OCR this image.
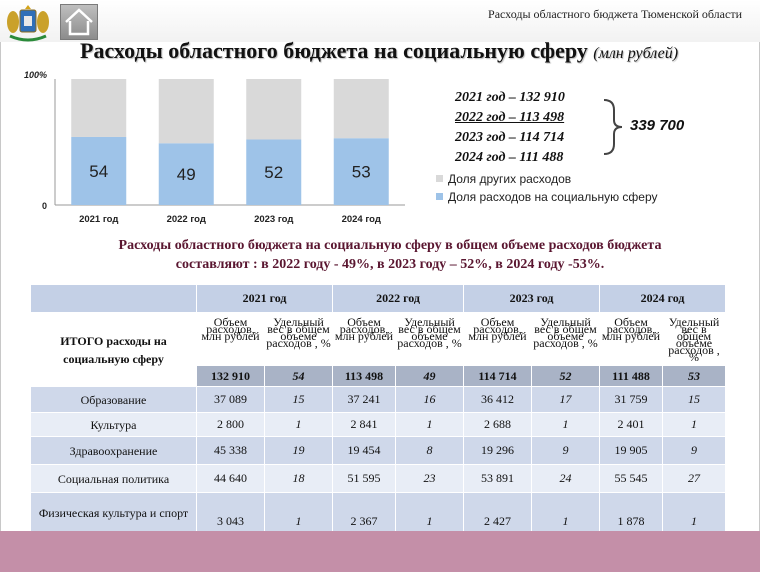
Расходы областного бюджета Тюменской области
Расходы областного бюджета на социальную сферу (млн рублей)
0
100%
54
2021 год
49
2022 год
52
2023 год
53
2024 год
2021 год – 132 910
2022 год – 113 498
2023 год – 114 714
2024 год – 111 488
339 700
Доля других расходов
Доля расходов на социальную сферу
Расходы областного бюджета на социальную сферу в общем объеме расходов бюджета
составляют : в 2022 году - 49%, в 2023 году – 52%, в 2024 году -53%.
	2021 год		2022 год		2023 год		2024 год	
ИТОГО расходы на социальную сферу	Объем расходов, млн рублей	Удельный вес в общем объеме расходов , %	Объем расходов, млн рублей	Удельный вес в общем объеме расходов , %	Объем расходов, млн рублей	Удельный вес в общем объеме расходов , %	Объем расходов, млн рублей	Удельный вес в общем объеме расходов , %
	132 910	54	113 498	49	114 714	52	111 488	53
Образование	37 089	15	37 241	16	36 412	17	31 759	15
Культура	2 800	1	2 841	1	2 688	1	2 401	1
Здравоохранение	45 338	19	19 454	8	19 296	9	19 905	9
Социальная политика	44 640	18	51 595	23	53 891	24	55 545	27
Физическая культура и спорт	3 043	1	2 367	1	2 427	1	1 878	1
